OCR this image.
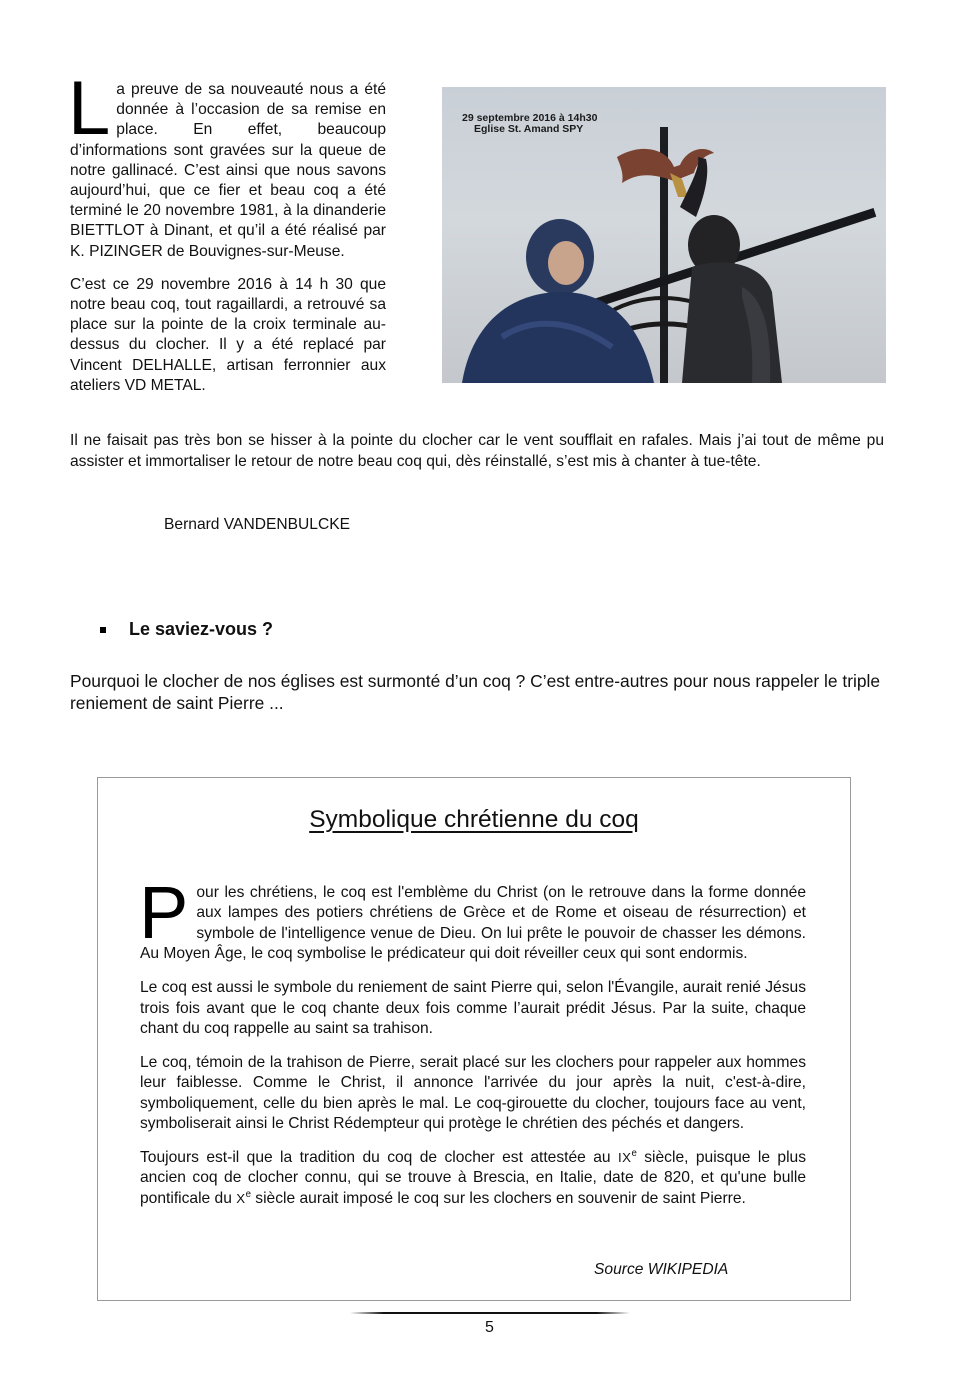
La preuve de sa nouveauté nous a été donnée à l’occasion de sa remise en place. En effet, beaucoup d’informations sont gravées sur la queue de notre gallinacé. C’est ainsi que nous savons aujourd’hui, que ce fier et beau coq a été terminé le 20 novembre 1981, à la dinanderie BIETTLOT à Dinant, et qu’il a été réalisé par K. PIZINGER de Bouvignes-sur-Meuse.

C’est ce 29 novembre 2016 à 14 h 30 que notre beau coq, tout ragaillardi, a retrouvé sa place sur la pointe de la croix terminale au-dessus du clocher. Il y a été replacé par Vincent DELHALLE, artisan ferronnier aux ateliers VD METAL.

29 septembre 2016 à 14h30
Eglise St. Amand SPY

Il ne faisait pas très bon se hisser à la pointe du clocher car le vent soufflait en rafales. Mais j’ai tout de même pu assister et immortaliser le retour de notre beau coq qui, dès réinstallé, s’est mis à chanter à tue-tête.

Bernard VANDENBULCKE
Le saviez-vous ?

Pourquoi le clocher de nos églises est surmonté d’un coq ? C’est entre-autres pour nous rappeler le triple reniement de saint Pierre ...

Symbolique chrétienne du coq

Pour les chrétiens, le coq est l'emblème du Christ (on le retrouve dans la forme donnée aux lampes des potiers chrétiens de Grèce et de Rome et oiseau de résurrection) et symbole de l'intelligence venue de Dieu. On lui prête le pouvoir de chasser les démons. Au Moyen Âge, le coq symbolise le prédicateur qui doit réveiller ceux qui sont endormis.

Le coq est aussi le symbole du reniement de saint Pierre qui, selon l'Évangile, aurait renié Jésus trois fois avant que le coq chante deux fois comme l’aurait prédit Jésus. Par la suite, chaque chant du coq rappelle au saint sa trahison.

Le coq, témoin de la trahison de Pierre, serait placé sur les clochers pour rappeler aux hommes leur faiblesse. Comme le Christ, il annonce l'arrivée du jour après la nuit, c'est-à-dire, symboliquement, celle du bien après le mal. Le coq-girouette du clocher, toujours face au vent, symboliserait ainsi le Christ Rédempteur qui protège le chrétien des péchés et dangers.

Toujours est-il que la tradition du coq de clocher est attestée au IXe siècle, puisque le plus ancien coq de clocher connu, qui se trouve à Brescia, en Italie, date de 820, et qu'une bulle pontificale du Xe siècle aurait imposé le coq sur les clochers en souvenir de saint Pierre.

Source WIKIPEDIA
5
